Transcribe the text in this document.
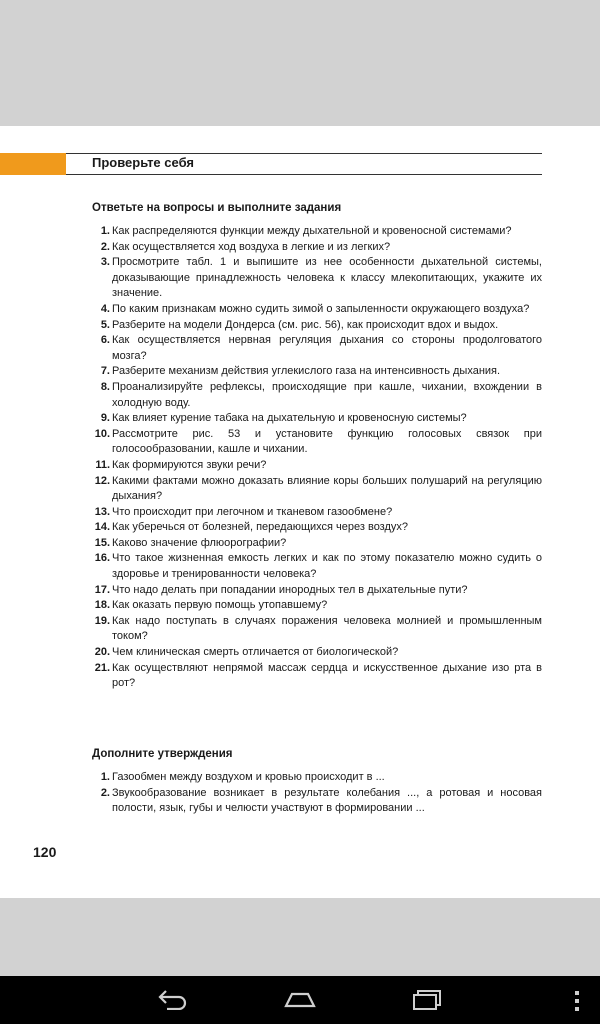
Проверьте себя
Ответьте на вопросы и выполните задания
1. Как распределяются функции между дыхательной и кровеносной системами?
2. Как осуществляется ход воздуха в легкие и из легких?
3. Просмотрите табл. 1 и выпишите из нее особенности дыхательной системы, доказывающие принадлежность человека к классу млекопитающих, укажите их значение.
4. По каким признакам можно судить зимой о запыленности окружающего воздуха?
5. Разберите на модели Дондерса (см. рис. 56), как происходит вдох и выдох.
6. Как осуществляется нервная регуляция дыхания со стороны продолговатого мозга?
7. Разберите механизм действия углекислого газа на интенсивность дыхания.
8. Проанализируйте рефлексы, происходящие при кашле, чихании, вхождении в холодную воду.
9. Как влияет курение табака на дыхательную и кровеносную системы?
10. Рассмотрите рис. 53 и установите функцию голосовых связок при голосообразовании, кашле и чихании.
11. Как формируются звуки речи?
12. Какими фактами можно доказать влияние коры больших полушарий на регуляцию дыхания?
13. Что происходит при легочном и тканевом газообмене?
14. Как уберечься от болезней, передающихся через воздух?
15. Каково значение флюорографии?
16. Что такое жизненная емкость легких и как по этому показателю можно судить о здоровье и тренированности человека?
17. Что надо делать при попадании инородных тел в дыхательные пути?
18. Как оказать первую помощь утопавшему?
19. Как надо поступать в случаях поражения человека молнией и промышленным током?
20. Чем клиническая смерть отличается от биологической?
21. Как осуществляют непрямой массаж сердца и искусственное дыхание изо рта в рот?
Дополните утверждения
1. Газообмен между воздухом и кровью происходит в ...
2. Звукообразование возникает в результате колебания ..., а ротовая и носовая полости, язык, губы и челюсти участвуют в формировании ...
120
